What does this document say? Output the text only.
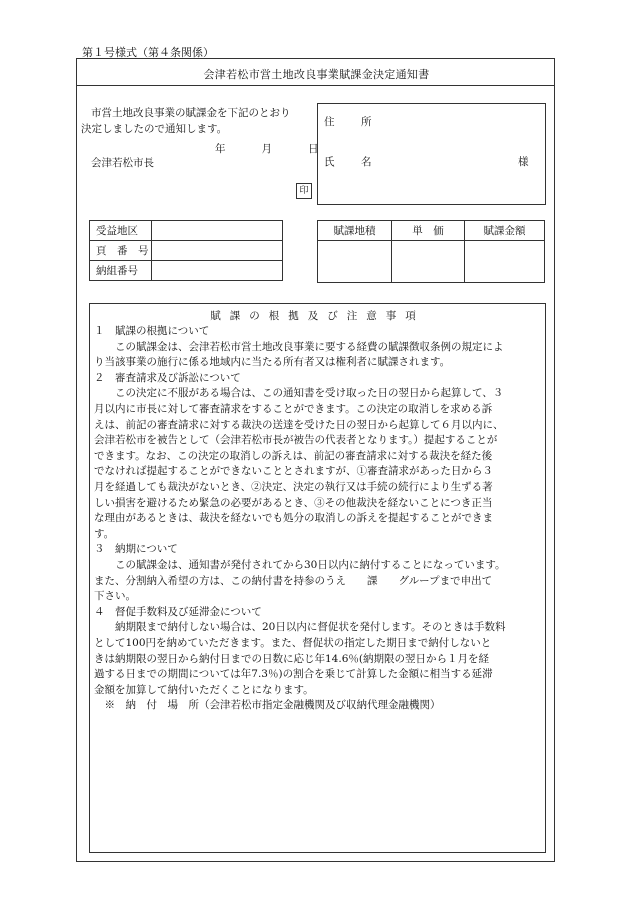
第１号様式（第４条関係）
会津若松市営土地改良事業賦課金決定通知書
市営土地改良事業の賦課金を下記のとおり
決定しましたので通知します。
年	月	日
会津若松市長
印
住　所
氏　名	様
受益地区	
頁　番　号	
納組番号	
賦課地積	単　価	賦課金額

賦課の根拠及び注意事項
１　賦課の根拠について
　　この賦課金は、会津若松市営土地改良事業に要する経費の賦課徴収条例の規定によ
り当該事業の施行に係る地域内に当たる所有者又は権利者に賦課されます。
２　審査請求及び訴訟について
　　この決定に不服がある場合は、この通知書を受け取った日の翌日から起算して、３
月以内に市長に対して審査請求をすることができます。この決定の取消しを求める訴
えは、前記の審査請求に対する裁決の送達を受けた日の翌日から起算して６月以内に、
会津若松市を被告として（会津若松市長が被告の代表者となります。）提起することが
できます。なお、この決定の取消しの訴えは、前記の審査請求に対する裁決を経た後
でなければ提起することができないこととされますが、①審査請求があった日から３
月を経過しても裁決がないとき、②決定、決定の執行又は手続の続行により生ずる著
しい損害を避けるため緊急の必要があるとき、③その他裁決を経ないことにつき正当
な理由があるときは、裁決を経ないでも処分の取消しの訴えを提起することができま
す。
３　納期について
　　この賦課金は、通知書が発付されてから30日以内に納付することになっています。
また、分割納入希望の方は、この納付書を持参のうえ　　課　　グループまで申出て
下さい。
４　督促手数料及び延滞金について
　　納期限まで納付しない場合は、20日以内に督促状を発付します。そのときは手数料
として100円を納めていただきます。また、督促状の指定した期日まで納付しないと
きは納期限の翌日から納付日までの日数に応じ年14.6％(納期限の翌日から１月を経
過する日までの期間については年7.3％)の割合を乗じて計算した金額に相当する延滞
金額を加算して納付いただくことになります。
　※　納　付　場　所（会津若松市指定金融機関及び収納代理金融機関）
